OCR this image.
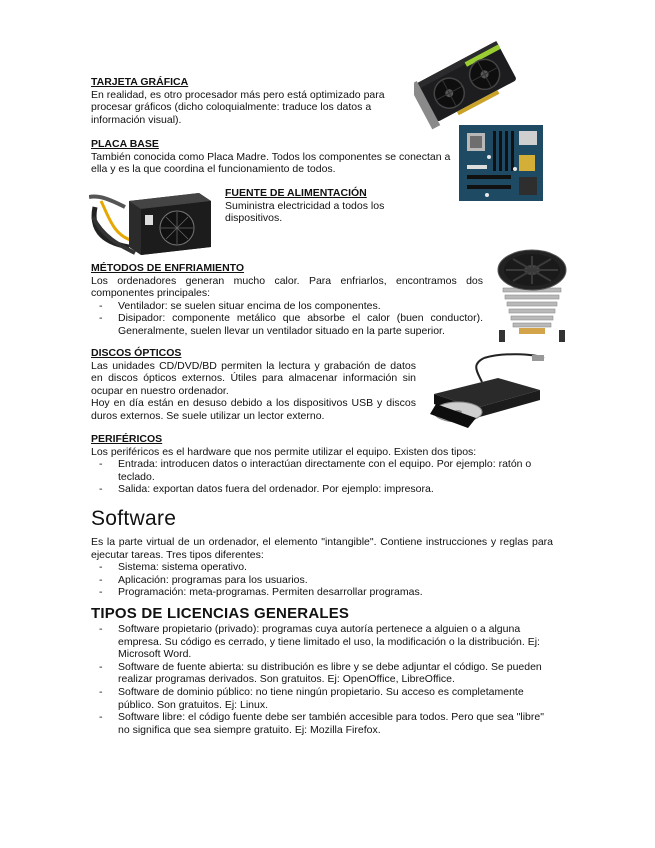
TARJETA GRÁFICA

En realidad, es otro procesador más pero está optimizado para procesar gráficos (dicho coloquialmente: traduce los datos a información visual).

PLACA BASE

También conocida como Placa Madre. Todos los componentes se conectan a ella y es la que coordina el funcionamiento de todos.

FUENTE DE ALIMENTACIÓN

Suministra electricidad a todos los dispositivos.

MÉTODOS DE ENFRIAMIENTO

Los ordenadores generan mucho calor. Para enfriarlos, encontramos dos componentes principales:

- Ventilador: se suelen situar encima de los componentes.
- Disipador: componente metálico que absorbe el calor (buen conductor). Generalmente, suelen llevar un ventilador situado en la parte superior.
DISCOS ÓPTICOS

Las unidades CD/DVD/BD permiten la lectura y grabación de datos en discos ópticos externos. Útiles para almacenar información sin ocupar en nuestro ordenador.

Hoy en día están en desuso debido a los dispositivos USB y discos duros externos. Se suele utilizar un lector externo.

PERIFÉRICOS

Los periféricos es el hardware que nos permite utilizar el equipo. Existen dos tipos:

- Entrada: introducen datos o interactúan directamente con el equipo. Por ejemplo: ratón o teclado.
- Salida: exportan datos fuera del ordenador. Por ejemplo: impresora.
Software

Es la parte virtual de un ordenador, el elemento "intangible". Contiene instrucciones y reglas para ejecutar tareas. Tres tipos diferentes:

- Sistema: sistema operativo.
- Aplicación: programas para los usuarios.
- Programación: meta-programas. Permiten desarrollar programas.
TIPOS DE LICENCIAS GENERALES
- Software propietario (privado): programas cuya autoría pertenece a alguien o a alguna empresa. Su código es cerrado, y tiene limitado el uso, la modificación o la distribución. Ej: Microsoft Word.
- Software de fuente abierta: su distribución es libre y se debe adjuntar el código. Se pueden realizar programas derivados. Son gratuitos. Ej: OpenOffice, LibreOffice.
- Software de dominio público: no tiene ningún propietario. Su acceso es completamente público. Son gratuitos. Ej: Linux.
- Software libre: el código fuente debe ser también accesible para todos. Pero que sea "libre" no significa que sea siempre gratuito. Ej: Mozilla Firefox.
